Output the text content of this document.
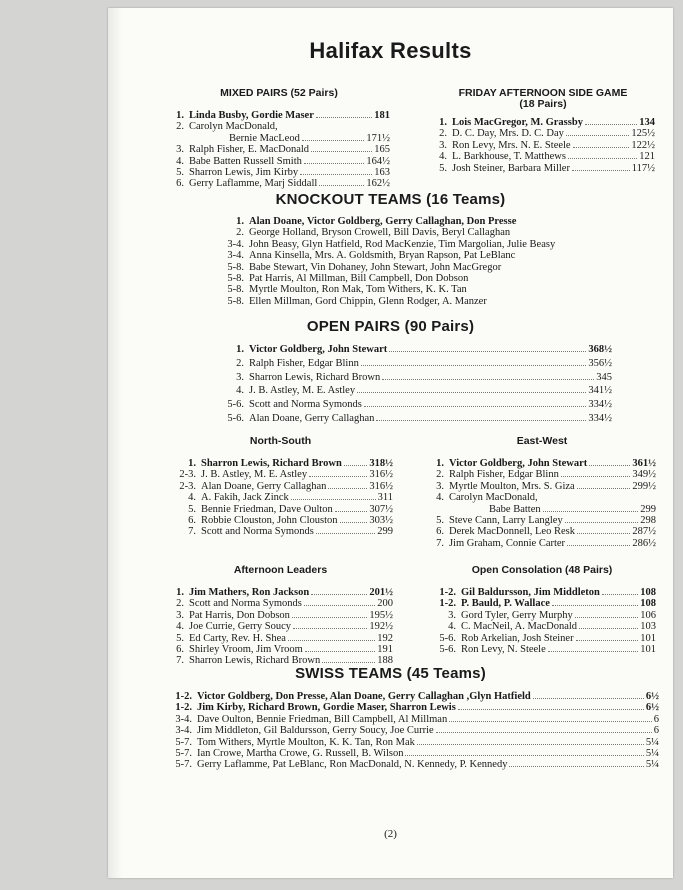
Halifax Results
MIXED PAIRS (52 Pairs)
1. Linda Busby, Gordie Maser	181
2. Carolyn MacDonald,
Bernie MacLeod	171½
3. Ralph Fisher, E. MacDonald	165
4. Babe Batten Russell Smith	164½
5. Sharron Lewis, Jim Kirby	163
6. Gerry Laflamme, Marj Siddall	162½
FRIDAY AFTERNOON SIDE GAME
(18 Pairs)
1. Lois MacGregor, M. Grassby	134
2. D. C. Day, Mrs. D. C. Day	125½
3. Ron Levy, Mrs. N. E. Steele	122½
4. L. Barkhouse, T. Matthews	121
5. Josh Steiner, Barbara Miller	117½
KNOCKOUT TEAMS (16 Teams)
1. Alan Doane, Victor Goldberg, Gerry Callaghan, Don Presse
2. George Holland, Bryson Crowell, Bill Davis, Beryl Callaghan
3-4. John Beasy, Glyn Hatfield, Rod MacKenzie, Tim Margolian, Julie Beasy
3-4. Anna Kinsella, Mrs. A. Goldsmith, Bryan Rapson, Pat LeBlanc
5-8. Babe Stewart, Vin Dohaney, John Stewart, John MacGregor
5-8. Pat Harris, Al Millman, Bill Campbell, Don Dobson
5-8. Myrtle Moulton, Ron Mak, Tom Withers, K. K. Tan
5-8. Ellen Millman, Gord Chippin, Glenn Rodger, A. Manzer
OPEN PAIRS (90 Pairs)
1. Victor Goldberg, John Stewart	368½
2. Ralph Fisher, Edgar Blinn	356½
3. Sharron Lewis, Richard Brown	345
4. J. B. Astley, M. E. Astley	341½
5-6. Scott and Norma Symonds	334½
5-6. Alan Doane, Gerry Callaghan	334½
North-South
1. Sharron Lewis, Richard Brown	318½
2-3. J. B. Astley, M. E. Astley	316½
2-3. Alan Doane, Gerry Callaghan	316½
4. A. Fakih, Jack Zinck	311
5. Bennie Friedman, Dave Oulton	307½
6. Robbie Clouston, John Clouston	303½
7. Scott and Norma Symonds	299
East-West
1. Victor Goldberg, John Stewart	361½
2. Ralph Fisher, Edgar Blinn	349½
3. Myrtle Moulton, Mrs. S. Giza	299½
4. Carolyn MacDonald,
Babe Batten	299
5. Steve Cann, Larry Langley	298
6. Derek MacDonnell, Leo Resk	287½
7. Jim Graham, Connie Carter	286½
Afternoon Leaders
1. Jim Mathers, Ron Jackson	201½
2. Scott and Norma Symonds	200
3. Pat Harris, Don Dobson	195½
4. Joe Currie, Gerry Soucy	192½
5. Ed Carty, Rev. H. Shea	192
6. Shirley Vroom, Jim Vroom	191
7. Sharron Lewis, Richard Brown	188
Open Consolation (48 Pairs)
1-2. Gil Baldursson, Jim Middleton	108
1-2. P. Bauld, P. Wallace	108
3. Gord Tyler, Gerry Murphy	106
4. C. MacNeil, A. MacDonald	103
5-6. Rob Arkelian, Josh Steiner	101
5-6. Ron Levy, N. Steele	101
SWISS TEAMS (45 Teams)
1-2. Victor Goldberg, Don Presse, Alan Doane, Gerry Callaghan ,Glyn Hatfield	6½
1-2. Jim Kirby, Richard Brown, Gordie Maser, Sharron Lewis	6½
3-4. Dave Oulton, Bennie Friedman, Bill Campbell, Al Millman	6
3-4. Jim Middleton, Gil Baldursson, Gerry Soucy, Joe Currie	6
5-7. Tom Withers, Myrtle Moulton, K. K. Tan, Ron Mak	5¼
5-7. Ian Crowe, Martha Crowe, G. Russell, B. Wilson	5¼
5-7. Gerry Laflamme, Pat LeBlanc, Ron MacDonald, N. Kennedy, P. Kennedy	5¼
(2)
